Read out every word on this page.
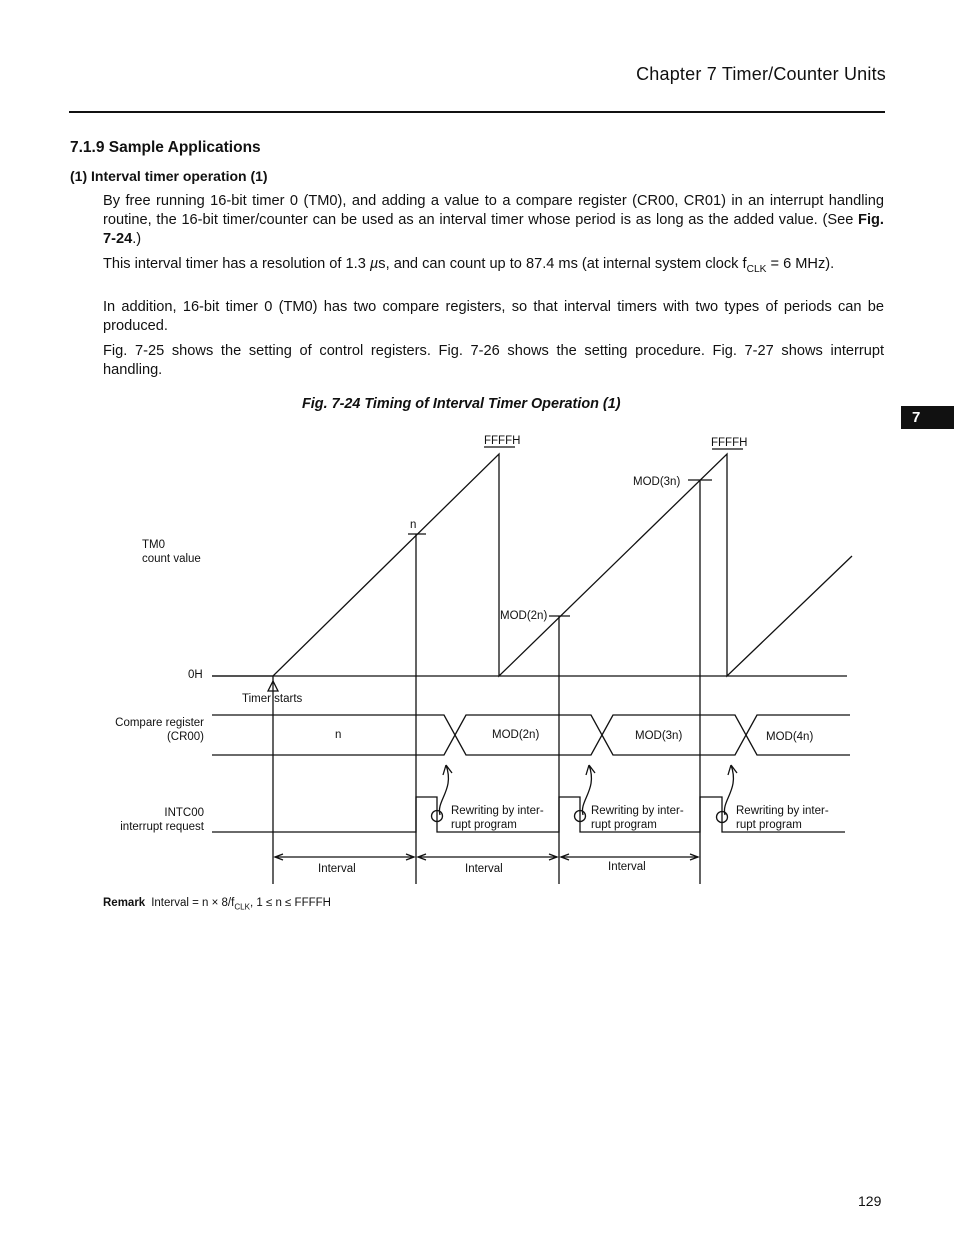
Chapter 7 Timer/Counter Units
7.1.9 Sample Applications
(1) Interval timer operation (1)

By free running 16-bit timer 0 (TM0), and adding a value to a compare register (CR00, CR01) in an interrupt handling routine, the 16-bit timer/counter can be used as an interval timer whose period is as long as the added value. (See Fig. 7-24.)

This interval timer has a resolution of 1.3 µs, and can count up to 87.4 ms (at internal system clock $f_{CLK} = 6$ MHz).

In addition, 16-bit timer 0 (TM0) has two compare registers, so that interval timers with two types of periods can be produced.

Fig. 7-25 shows the setting of control registers. Fig. 7-26 shows the setting procedure. Fig. 7-27 shows interrupt handling.

Fig. 7-24 Timing of Interval Timer Operation (1)
7
TM0
count value
0H
FFFFH	FFFFH
n
MOD(2n)
MOD(3n)
Timer starts
Compare register
(CR00)	n	MOD(2n)	MOD(3n)	MOD(4n)
INTC00
interrupt request
Rewriting by inter-
rupt program
Rewriting by inter-
rupt program
Rewriting by inter-
rupt program
Interval	Interval	Interval
Remark Interval = $n \times 8/f_{CLK}$, 1 ≤ n ≤ FFFFH
129
